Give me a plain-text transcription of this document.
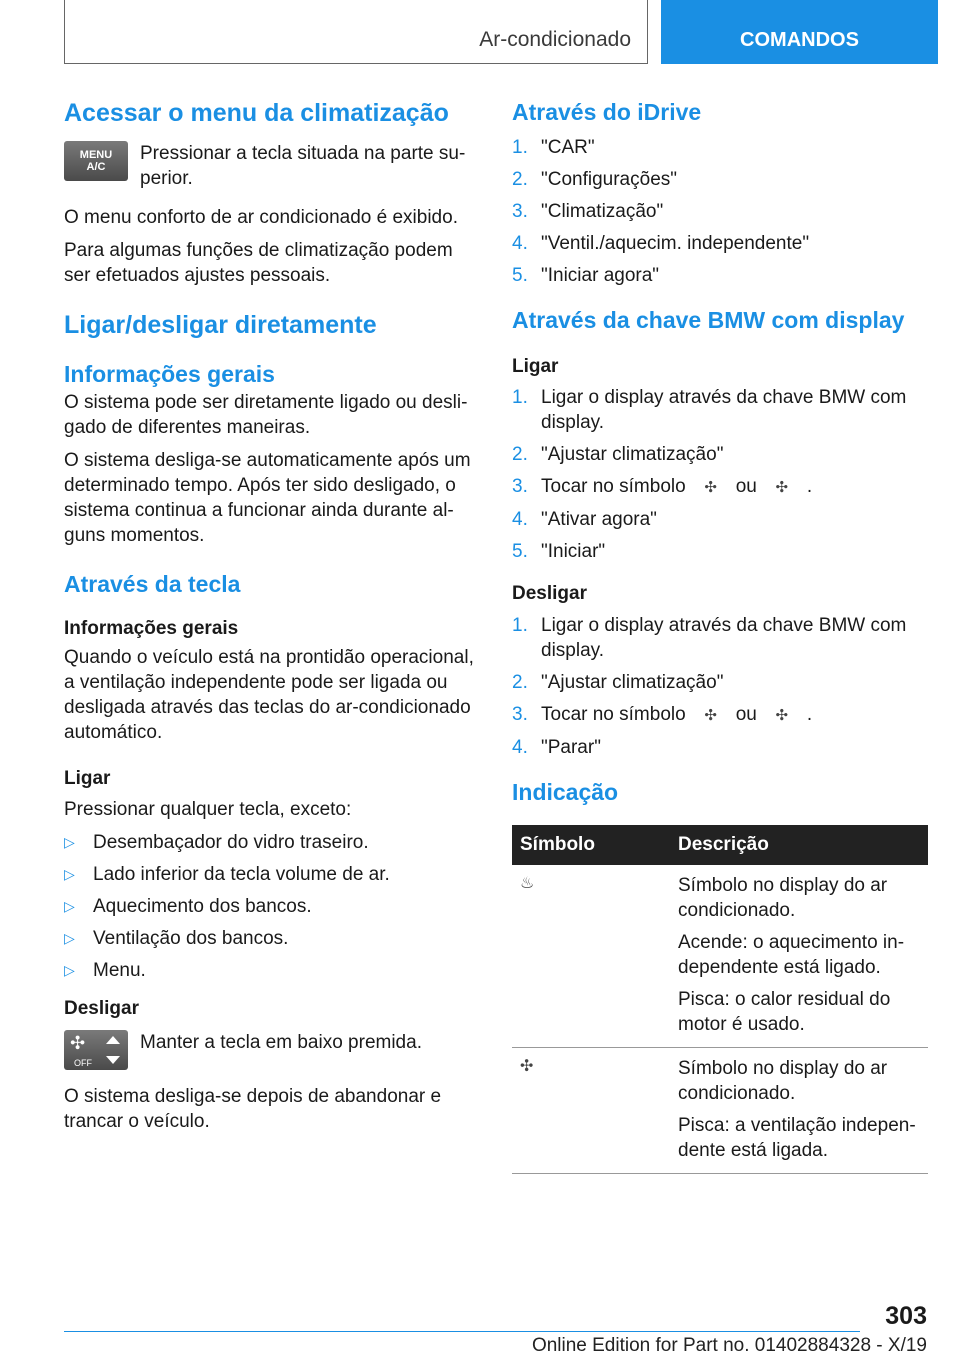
Ar-condicionado	COMANDOS
Acessar o menu da climatização
MENU
A/C

Pressionar a tecla situada na parte su-perior.

O menu conforto de ar condicionado é exibido.

Para algumas funções de climatização podem ser efetuados ajustes pessoais.

Ligar/desligar diretamente
Informações gerais

O sistema pode ser diretamente ligado ou desli-gado de diferentes maneiras.

O sistema desliga-se automaticamente após um determinado tempo. Após ter sido desligado, o sistema continua a funcionar ainda durante al-guns momentos.

Através da tecla
Informações gerais

Quando o veículo está na prontidão operacional, a ventilação independente pode ser ligada ou desligada através das teclas do ar-condicionado automático.

Ligar

Pressionar qualquer tecla, exceto:

▷ Desembaçador do vidro traseiro.
▷ Lado inferior da tecla volume de ar.
▷ Aquecimento dos bancos.
▷ Ventilação dos bancos.
▷ Menu.
Desligar
✣
OFF

Manter a tecla em baixo premida.

O sistema desliga-se depois de abandonar e trancar o veículo.

Através do iDrive
1. "CAR"
2. "Configurações"
3. "Climatização"
4. "Ventil./aquecim. independente"
5. "Iniciar agora"
Através da chave BMW com display
Ligar
1. Ligar o display através da chave BMW com display.
2. "Ajustar climatização"
3. Tocar no símbolo ✣ ou ✣ .
4. "Ativar agora"
5. "Iniciar"
Desligar
1. Ligar o display através da chave BMW com display.
2. "Ajustar climatização"
3. Tocar no símbolo ✣ ou ✣ .
4. "Parar"
Indicação
Símbolo	Descrição
♨	Símbolo no display do ar condicionado.

Acende: o aquecimento in-dependente está ligado.

Pisca: o calor residual do motor é usado.

✣	Símbolo no display do ar condicionado.

Pisca: a ventilação indepen-dente está ligada.

303
Online Edition for Part no. 01402884328 - X/19
